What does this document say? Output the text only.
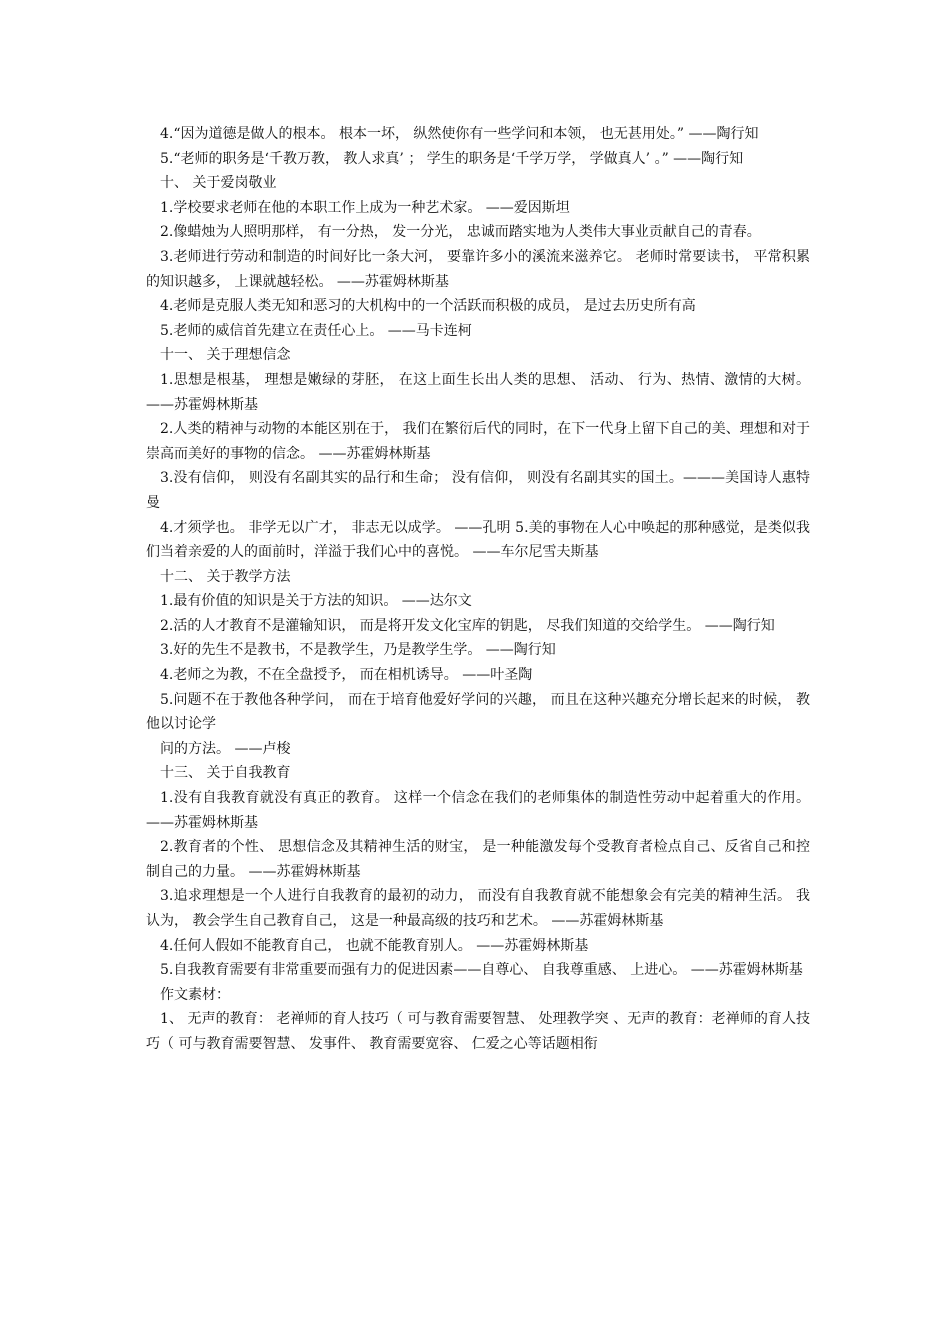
4.“因为道德是做人的根本。 根本一坏， 纵然使你有一些学问和本领， 也无甚用处。” ——陶行知

5.“老师的职务是‘千教万教， 教人求真’ ； 学生的职务是‘千学万学， 学做真人’ 。” ——陶行知

十、 关于爱岗敬业

1.学校要求老师在他的本职工作上成为一种艺术家。 ——爱因斯坦

2.像蜡烛为人照明那样， 有一分热， 发一分光， 忠诚而踏实地为人类伟大事业贡献自己的青春。

3.老师进行劳动和制造的时间好比一条大河， 要靠许多小的溪流来滋养它。 老师时常要读书， 平常积累的知识越多， 上课就越轻松。 ——苏霍姆林斯基

4.老师是克服人类无知和恶习的大机构中的一个活跃而积极的成员， 是过去历史所有高

5.老师的威信首先建立在责任心上。 ——马卡连柯

十一、 关于理想信念

1.思想是根基， 理想是嫩绿的芽胚， 在这上面生长出人类的思想、 活动、 行为、热情、激情的大树。 ——苏霍姆林斯基

2.人类的精神与动物的本能区别在于， 我们在繁衍后代的同时，在下一代身上留下自己的美、理想和对于崇高而美好的事物的信念。 ——苏霍姆林斯基

3.没有信仰， 则没有名副其实的品行和生命； 没有信仰， 则没有名副其实的国土。———美国诗人惠特曼

4.才须学也。 非学无以广才， 非志无以成学。 ——孔明 5.美的事物在人心中唤起的那种感觉，是类似我们当着亲爱的人的面前时，洋溢于我们心中的喜悦。 ——车尔尼雪夫斯基

十二、 关于教学方法

1.最有价值的知识是关于方法的知识。 ——达尔文

2.活的人才教育不是灌输知识， 而是将开发文化宝库的钥匙， 尽我们知道的交给学生。 ——陶行知

3.好的先生不是教书，不是教学生，乃是教学生学。 ——陶行知

4.老师之为教，不在全盘授予， 而在相机诱导。 ——叶圣陶

5.问题不在于教他各种学问， 而在于培育他爱好学问的兴趣， 而且在这种兴趣充分增长起来的时候， 教他以讨论学

问的方法。 ——卢梭

十三、 关于自我教育

1.没有自我教育就没有真正的教育。 这样一个信念在我们的老师集体的制造性劳动中起着重大的作用。 ——苏霍姆林斯基

2.教育者的个性、 思想信念及其精神生活的财宝， 是一种能激发每个受教育者检点自己、反省自己和控制自己的力量。 ——苏霍姆林斯基

3.追求理想是一个人进行自我教育的最初的动力， 而没有自我教育就不能想象会有完美的精神生活。 我认为， 教会学生自己教育自己， 这是一种最高级的技巧和艺术。 ——苏霍姆林斯基

4.任何人假如不能教育自己， 也就不能教育别人。 ——苏霍姆林斯基

5.自我教育需要有非常重要而强有力的促进因素——自尊心、 自我尊重感、 上进心。 ——苏霍姆林斯基

作文素材：

1、 无声的教育： 老禅师的育人技巧（ 可与教育需要智慧、 处理教学突 、无声的教育：老禅师的育人技巧（ 可与教育需要智慧、 发事件、 教育需要宽容、 仁爱之心等话题相衔
